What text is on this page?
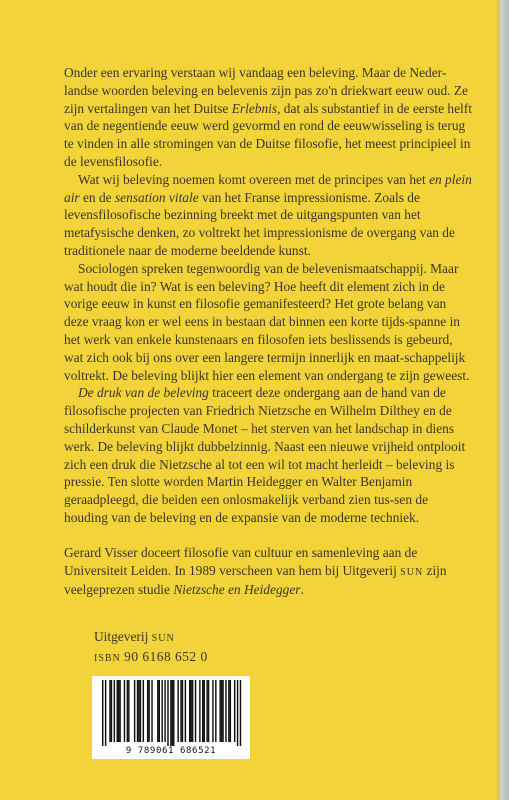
Onder een ervaring verstaan wij vandaag een beleving. Maar de Neder-landse woorden beleving en belevenis zijn pas zo'n driekwart eeuw oud. Ze zijn vertalingen van het Duitse Erlebnis, dat als substantief in de eerste helft van de negentiende eeuw werd gevormd en rond de eeuwwisseling is terug te vinden in alle stromingen van de Duitse filosofie, het meest principieel in de levensfilosofie.

Wat wij beleving noemen komt overeen met de principes van het en plein air en de sensation vitale van het Franse impressionisme. Zoals de levensfilosofische bezinning breekt met de uitgangspunten van het metafysische denken, zo voltrekt het impressionisme de overgang van de traditionele naar de moderne beeldende kunst.

Sociologen spreken tegenwoordig van de belevenismaatschappij. Maar wat houdt die in? Wat is een beleving? Hoe heeft dit element zich in de vorige eeuw in kunst en filosofie gemanifesteerd? Het grote belang van deze vraag kon er wel eens in bestaan dat binnen een korte tijds-spanne in het werk van enkele kunstenaars en filosofen iets beslissends is gebeurd, wat zich ook bij ons over een langere termijn innerlijk en maat-schappelijk voltrekt. De beleving blijkt hier een element van ondergang te zijn geweest.

De druk van de beleving traceert deze ondergang aan de hand van de filosofische projecten van Friedrich Nietzsche en Wilhelm Dilthey en de schilderkunst van Claude Monet – het sterven van het landschap in diens werk. De beleving blijkt dubbelzinnig. Naast een nieuwe vrijheid ontplooit zich een druk die Nietzsche al tot een wil tot macht herleidt – beleving is pressie. Ten slotte worden Martin Heidegger en Walter Benjamin geraadpleegd, die beiden een onlosmakelijk verband zien tus-sen de houding van de beleving en de expansie van de moderne techniek.

Gerard Visser doceert filosofie van cultuur en samenleving aan de Universiteit Leiden. In 1989 verscheen van hem bij Uitgeverij SUN zijn veelgeprezen studie Nietzsche en Heidegger.

Uitgeverij SUN
ISBN 90 6168 652 0
9 789061 686521
